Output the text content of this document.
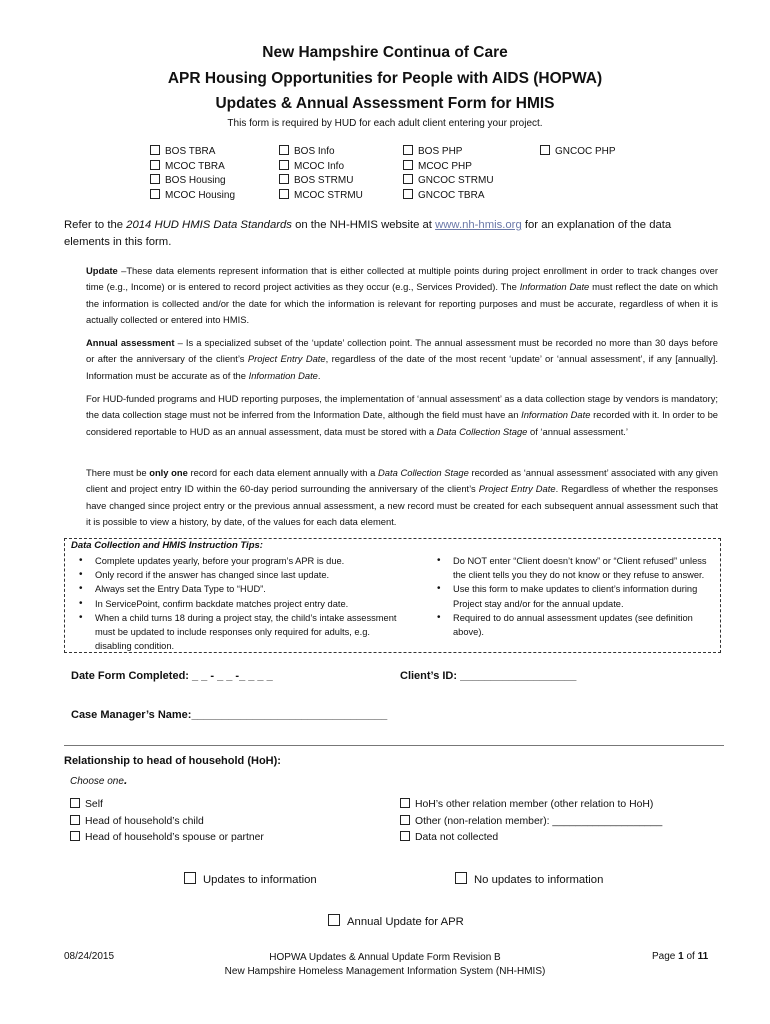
New Hampshire Continua of Care
APR Housing Opportunities for People with AIDS (HOPWA)
Updates & Annual Assessment Form for HMIS
This form is required by HUD for each adult client entering your project.
BOS TBRA
MCOC TBRA
BOS Housing
MCOC Housing
BOS Info
MCOC Info
BOS STRMU
MCOC STRMU
BOS PHP
MCOC PHP
GNCOC STRMU
GNCOC TBRA
GNCOC PHP
Refer to the 2014 HUD HMIS Data Standards on the NH-HMIS website at www.nh-hmis.org for an explanation of the data
elements in this form.
Update –These data elements represent information that is either collected at multiple points during project enrollment in order to track changes over time (e.g., Income) or is entered to record project activities as they occur (e.g., Services Provided). The Information Date must reflect the date on which the information is collected and/or the date for which the information is relevant for reporting purposes and must be accurate, regardless of when it is actually collected or entered into HMIS.
Annual assessment – Is a specialized subset of the ‘update’ collection point. The annual assessment must be recorded no more than 30 days before or after the anniversary of the client’s Project Entry Date, regardless of the date of the most recent ‘update’ or ‘annual assessment’, if any [annually]. Information must be accurate as of the Information Date.
For HUD-funded programs and HUD reporting purposes, the implementation of ‘annual assessment’ as a data collection stage by vendors is mandatory; the data collection stage must not be inferred from the Information Date, although the field must have an Information Date recorded with it. In order to be considered reportable to HUD as an annual assessment, data must be stored with a Data Collection Stage of ‘annual assessment.’
There must be only one record for each data element annually with a Data Collection Stage recorded as ‘annual assessment’ associated with any given client and project entry ID within the 60-day period surrounding the anniversary of the client’s Project Entry Date. Regardless of whether the responses have changed since project entry or the previous annual assessment, a new record must be created for each subsequent annual assessment such that it is possible to view a history, by date, of the values for each data element.
Data Collection and HMIS Instruction Tips:
• Complete updates yearly, before your program’s APR is due.
• Only record if the answer has changed since last update.
• Always set the Entry Data Type to “HUD”.
• In ServicePoint, confirm backdate matches project entry date.
• When a child turns 18 during a project stay, the child’s intake assessment must be updated to include responses only required for adults, e.g. disabling condition.
• Do NOT enter “Client doesn’t know” or “Client refused” unless the client tells you they do not know or they refuse to answer.
• Use this form to make updates to client’s information during Project stay and/or for the annual update.
• Required to do annual assessment updates (see definition above).
Date Form Completed: _ _ - _ _ -_ _ _ _	Client’s ID: ___________________
Case Manager’s Name:________________________________
Relationship to head of household (HoH):
Choose one.
Self
Head of household’s child
Head of household’s spouse or partner
HoH’s other relation member (other relation to HoH)
Other (non-relation member): ___________________
Data not collected
Updates to information	No updates to information
Annual Update for APR
08/24/2015	HOPWA Updates & Annual Update Form Revision B
New Hampshire Homeless Management Information System (NH-HMIS)
Page 1 of 11
